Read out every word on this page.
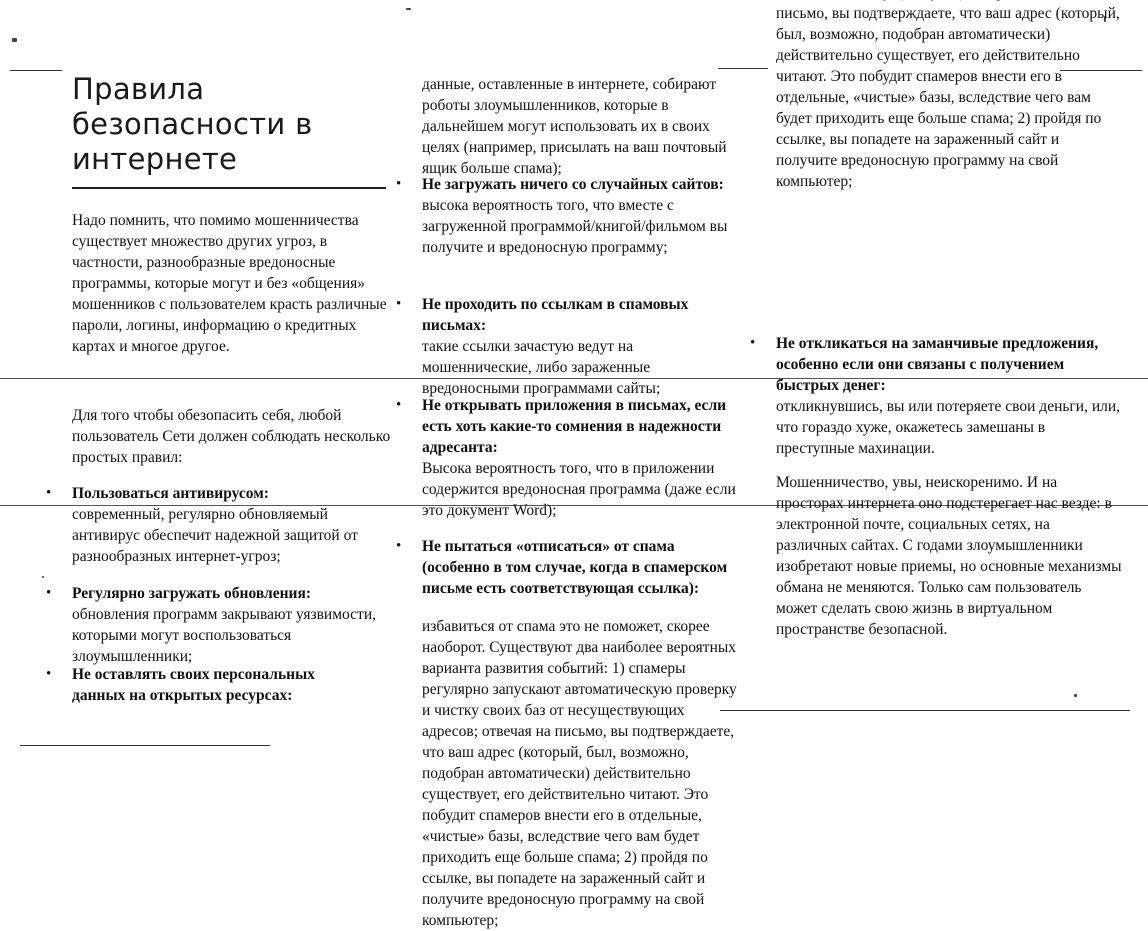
Правила безопасности в интернете
Надо помнить, что помимо мошенничества существует множество других угроз, в частности, разнообразные вредоносные программы, которые могут и без «общения» мошенников с пользователем красть различные пароли, логины, информацию о кредитных картах и многое другое.
Для того чтобы обезопасить себя, любой пользователь Сети должен соблюдать несколько простых правил:
• Пользоваться антивирусом:
современный, регулярно обновляемый антивирус обеспечит надежной защитой от разнообразных интернет-угроз;
• Регулярно загружать обновления:
обновления программ закрывают уязвимости, которыми могут воспользоваться злоумышленники;
• Не оставлять своих персональных данных на открытых ресурсах:
данные, оставленные в интернете, собирают роботы злоумышленников, которые в дальнейшем могут использовать их в своих целях (например, присылать на ваш почтовый ящик больше спама);
• Не загружать ничего со случайных сайтов:
высока вероятность того, что вместе с загруженной программой/книгой/фильмом вы получите и вредоносную программу;
• Не проходить по ссылкам в спамовых письмах:
такие ссылки зачастую ведут на мошеннические, либо зараженные вредоносными программами сайты;
• Не открывать приложения в письмах, если есть хоть какие-то сомнения в надежности адресанта:
Высока вероятность того, что в приложении содержится вредоносная программа (даже если это документ Word);
• Не пытаться «отписаться» от спама (особенно в том случае, когда в спамерском письме есть соответствующая ссылка):
избавиться от спама это не поможет, скорее наоборот. Существуют два наиболее вероятных варианта развития событий: 1) спамеры регулярно запускают автоматическую проверку и чистку своих баз от несуществующих адресов; отвечая на письмо, вы подтверждаете, что ваш адрес (который, был, возможно, подобран автоматически) действительно существует, его действительно читают. Это побудит спамеров внести его в отдельные, «чистые» базы, вследствие чего вам будет приходить еще больше спама; 2) пройдя по ссылке, вы попадете на зараженный сайт и получите вредоносную программу на свой компьютер;
письмо, вы подтверждаете, что ваш адрес (который, был, возможно, подобран автоматически) действительно существует, его действительно читают. Это побудит спамеров внести его в отдельные, «чистые» базы, вследствие чего вам будет приходить еще больше спама; 2) пройдя по ссылке, вы попадете на зараженный сайт и получите вредоносную программу на свой компьютер;
• Не откликаться на заманчивые предложения, особенно если они связаны с получением быстрых денег:
откликнувшись, вы или потеряете свои деньги, или, что гораздо хуже, окажетесь замешаны в преступные махинации.
Мошенничество, увы, неискоренимо. И на просторах интернета оно подстерегает нас везде: в электронной почте, социальных сетях, на различных сайтах. С годами злоумышленники изобретают новые приемы, но основные механизмы обмана не меняются. Только сам пользователь может сделать свою жизнь в виртуальном пространстве безопасной.
